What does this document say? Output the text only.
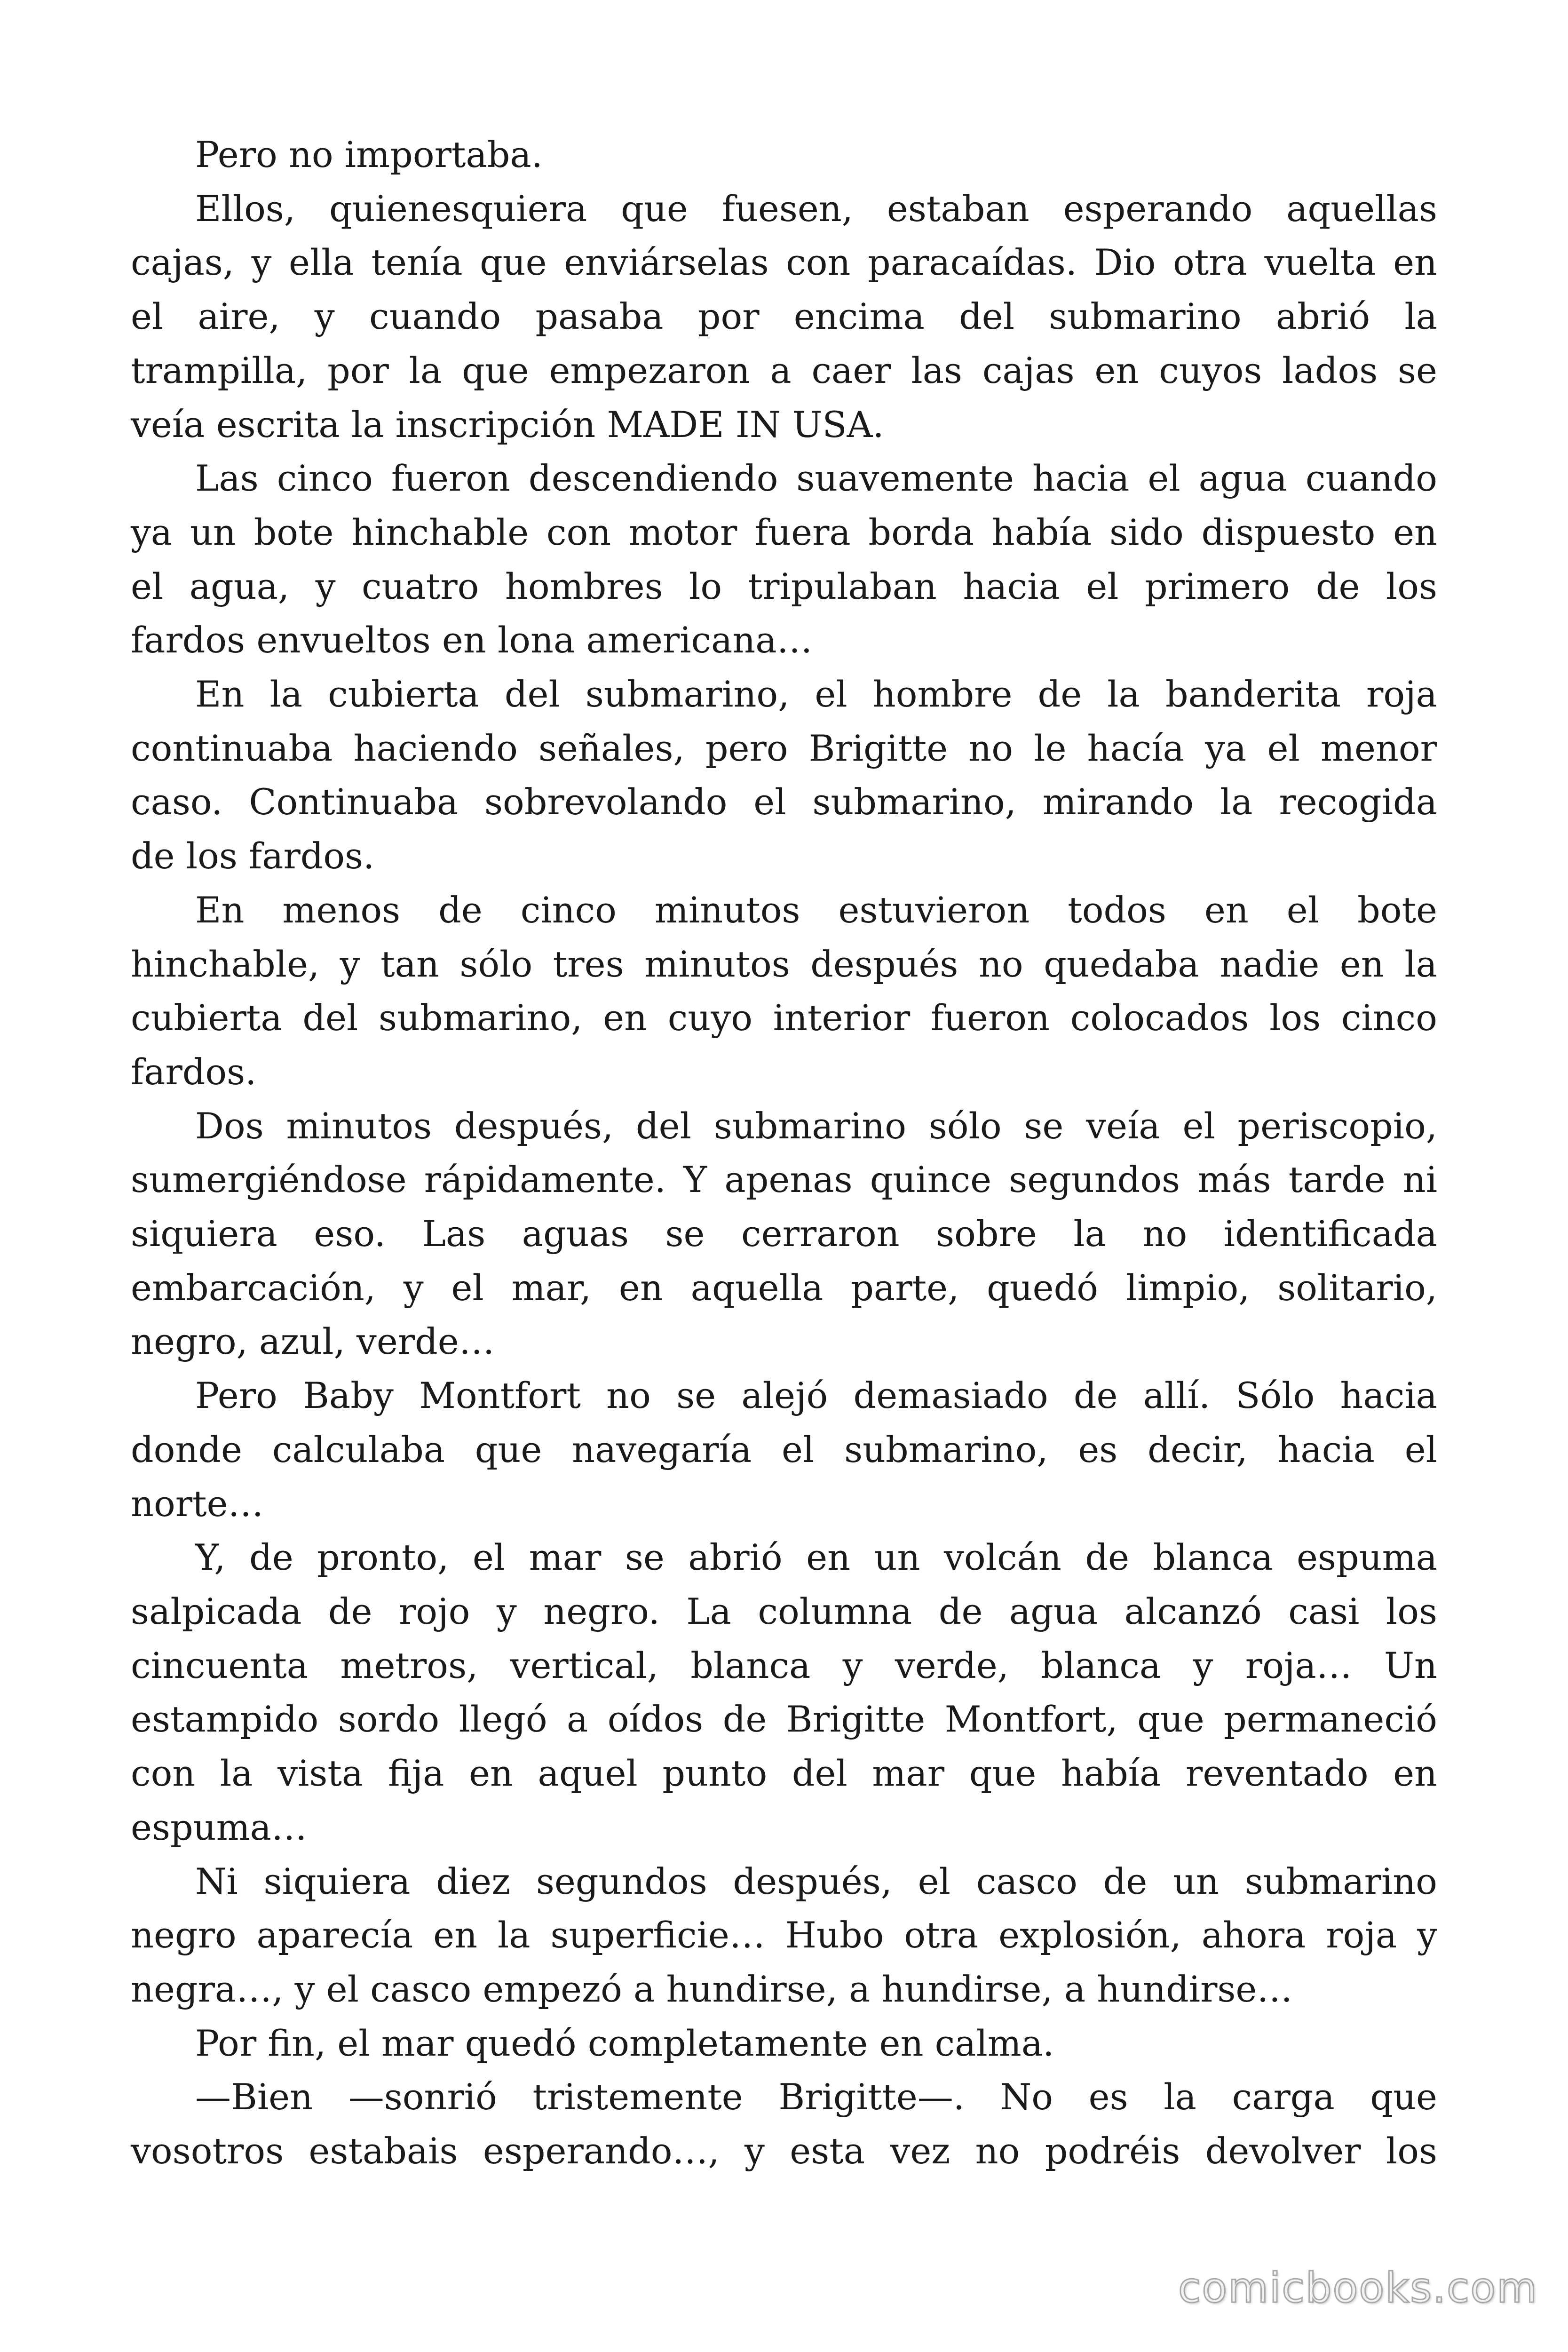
Pero no importaba.
Ellos, quienesquiera que fuesen, estaban esperando aquellas
cajas, y ella tenía que enviárselas con paracaídas. Dio otra vuelta en
el aire, y cuando pasaba por encima del submarino abrió la
trampilla, por la que empezaron a caer las cajas en cuyos lados se
veía escrita la inscripción MADE IN USA.
Las cinco fueron descendiendo suavemente hacia el agua cuando
ya un bote hinchable con motor fuera borda había sido dispuesto en
el agua, y cuatro hombres lo tripulaban hacia el primero de los
fardos envueltos en lona americana…
En la cubierta del submarino, el hombre de la banderita roja
continuaba haciendo señales, pero Brigitte no le hacía ya el menor
caso. Continuaba sobrevolando el submarino, mirando la recogida
de los fardos.
En menos de cinco minutos estuvieron todos en el bote
hinchable, y tan sólo tres minutos después no quedaba nadie en la
cubierta del submarino, en cuyo interior fueron colocados los cinco
fardos.
Dos minutos después, del submarino sólo se veía el periscopio,
sumergiéndose rápidamente. Y apenas quince segundos más tarde ni
siquiera eso. Las aguas se cerraron sobre la no identificada
embarcación, y el mar, en aquella parte, quedó limpio, solitario,
negro, azul, verde…
Pero Baby Montfort no se alejó demasiado de allí. Sólo hacia
donde calculaba que navegaría el submarino, es decir, hacia el
norte…
Y, de pronto, el mar se abrió en un volcán de blanca espuma
salpicada de rojo y negro. La columna de agua alcanzó casi los
cincuenta metros, vertical, blanca y verde, blanca y roja… Un
estampido sordo llegó a oídos de Brigitte Montfort, que permaneció
con la vista fija en aquel punto del mar que había reventado en
espuma…
Ni siquiera diez segundos después, el casco de un submarino
negro aparecía en la superficie… Hubo otra explosión, ahora roja y
negra…, y el casco empezó a hundirse, a hundirse, a hundirse…
Por fin, el mar quedó completamente en calma.
—Bien —sonrió tristemente Brigitte—. No es la carga que
vosotros estabais esperando…, y esta vez no podréis devolver los
comicbooks.com
